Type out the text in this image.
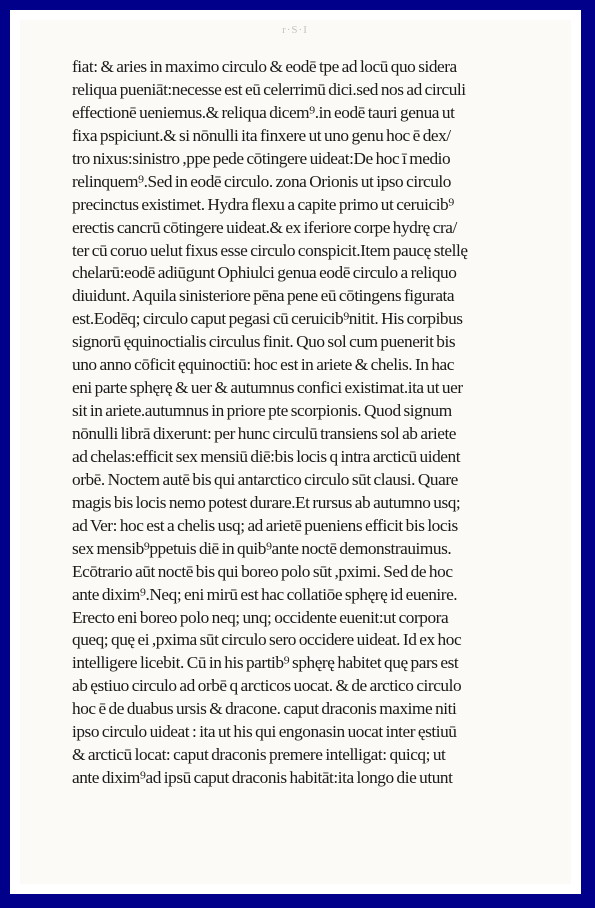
r·S·I
fiat: & aries in maximo circulo & eodē tpe ad locū quo sidera
reliqua pueniāt:necesse est eū celerrimū dici.sed nos ad circuli
effectionē ueniemus.& reliqua dicem⁹.in eodē tauri genua ut
fixa pspiciunt.& si nōnulli ita finxere ut uno genu hoc ē dex/
tro nixus:sinistro ,ppe pede cōtingere uideat:De hoc ī medio
relinquem⁹.Sed in eodē circulo. zona Orionis ut ipso circulo
precinctus existimet. Hydra flexu a capite primo ut ceruicib⁹
erectis cancrū cōtingere uideat.& ex iferiore corpe hydrę cra/
ter cū coruo uelut fixus esse circulo conspicit.Item paucę stellę
chelarū:eodē adiūgunt Ophiulci genua eodē circulo a reliquo
diuidunt. Aquila sinisteriore pēna pene eū cōtingens figurata
est.Eodēq; circulo caput pegasi cū ceruicib⁹nitit. His corpibus
signorū ęquinoctialis circulus finit. Quo sol cum puenerit bis
uno anno cōficit ęquinoctiū: hoc est in ariete & chelis. In hac
eni parte sphęrę & uer & autumnus confici existimat.ita ut uer
sit in ariete.autumnus in priore pte scorpionis. Quod signum
nōnulli librā dixerunt: per hunc circulū transiens sol ab ariete
ad chelas:efficit sex mensiū diē:bis locis q intra arcticū uident
orbē. Noctem autē bis qui antarctico circulo sūt clausi. Quare
magis bis locis nemo potest durare.Et rursus ab autumno usq;
ad Ver: hoc est a chelis usq; ad arietē pueniens efficit bis locis
sex mensib⁹ppetuis diē in quib⁹ante noctē demonstrauimus.
Ecōtrario aūt noctē bis qui boreo polo sūt ,pximi. Sed de hoc
ante dixim⁹.Neq; eni mirū est hac collatiōe sphęrę id euenire.
Erecto eni boreo polo neq; unq; occidente euenit:ut corpora
queq; quę ei ,pxima sūt circulo sero occidere uideat. Id ex hoc
intelligere licebit. Cū in his partib⁹ sphęrę habitet quę pars est
ab ęstiuo circulo ad orbē q arcticos uocat. & de arctico circulo
hoc ē de duabus ursis & dracone. caput draconis maxime niti
ipso circulo uideat : ita ut his qui engonasin uocat inter ęstiuū
& arcticū locat: caput draconis premere intelligat: quicq; ut
ante dixim⁹ad ipsū caput draconis habitāt:ita longo die utunt
